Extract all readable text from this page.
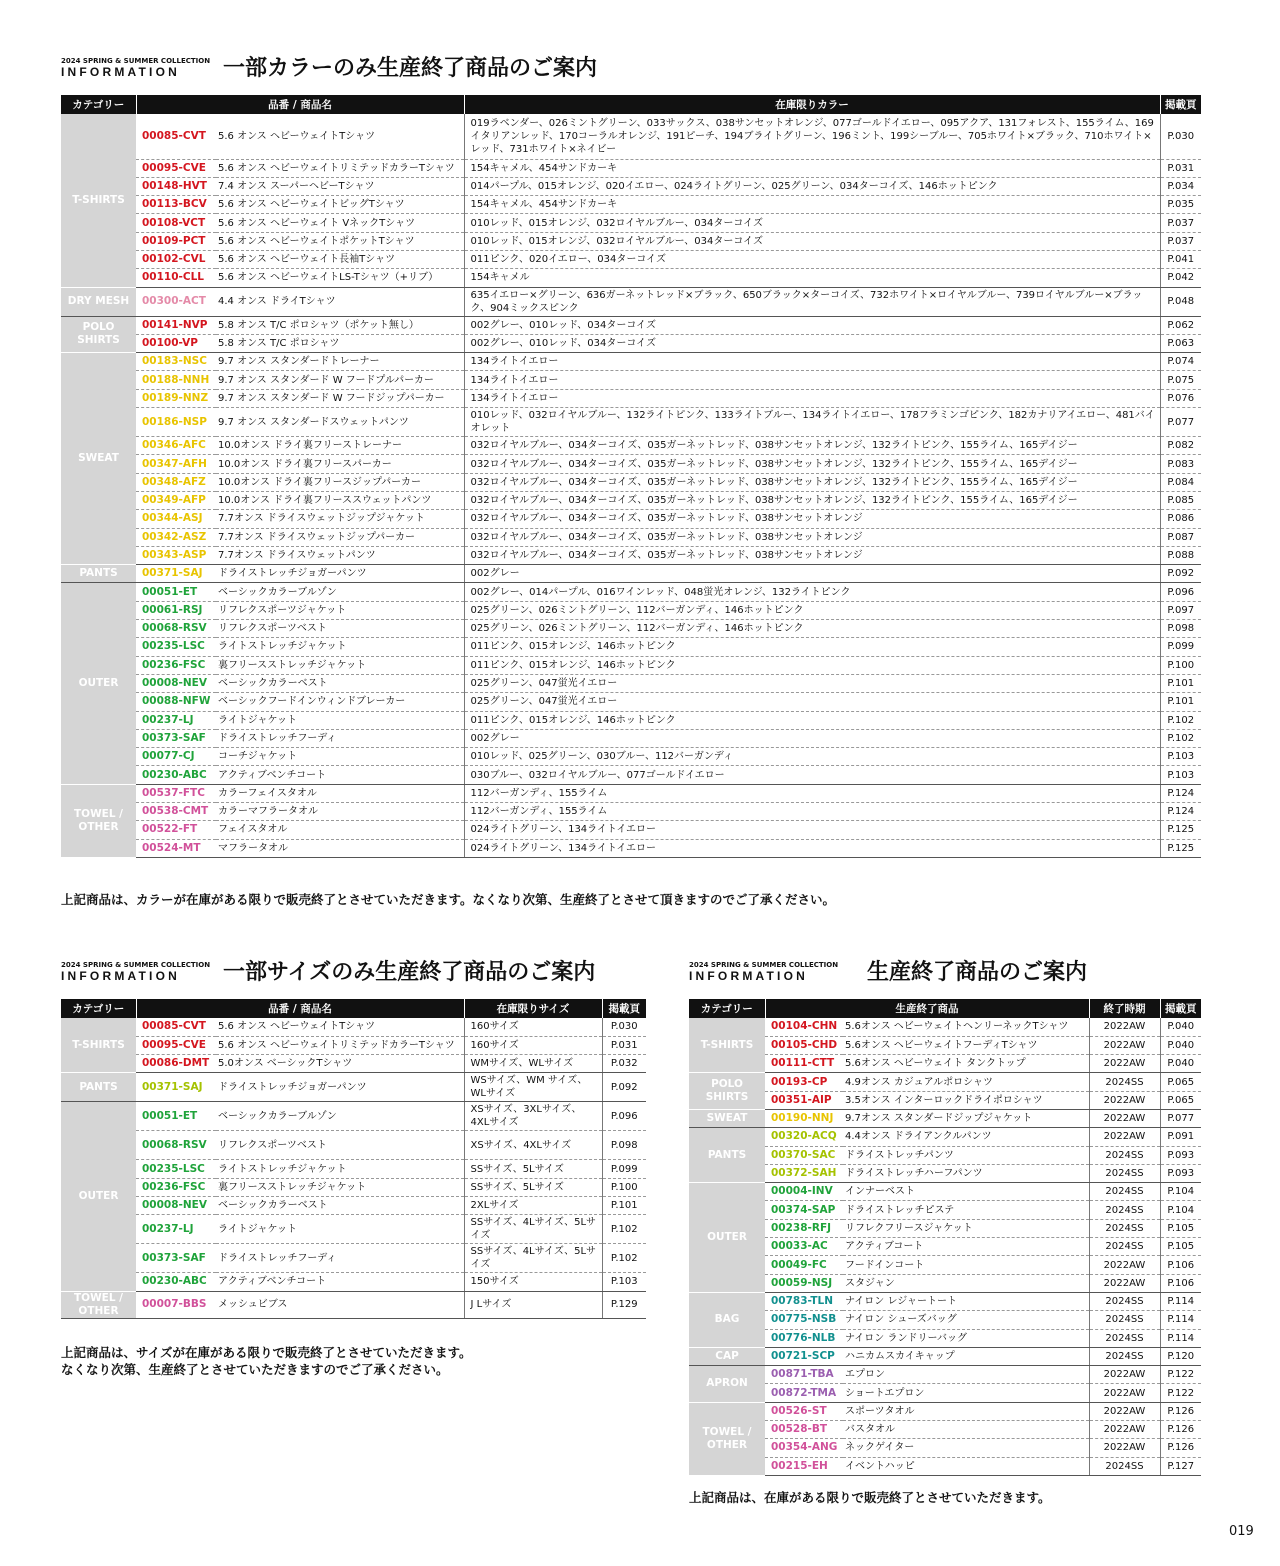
2024 SPRING & SUMMER COLLECTION
INFORMATION	一部カラーのみ生産終了商品のご案内
カテゴリー	品番 / 商品名		在庫限りカラー	掲載頁
T-SHIRTS	00085-CVT	5.6 オンス ヘビーウェイトTシャツ	019ラベンダー、026ミントグリーン、033サックス、038サンセットオレンジ、077ゴールドイエロー、095アクア、131フォレスト、155ライム、169イタリアンレッド、170コーラルオレンジ、191ピーチ、194ブライトグリーン、196ミント、199シーブルー、705ホワイト×ブラック、710ホワイト×レッド、731ホワイト×ネイビー	P.030
	00095-CVE	5.6 オンス ヘビーウェイトリミテッドカラーTシャツ	154キャメル、454サンドカーキ	P.031
	00148-HVT	7.4 オンス スーパーヘビーTシャツ	014パープル、015オレンジ、020イエロー、024ライトグリーン、025グリーン、034ターコイズ、146ホットピンク	P.034
	00113-BCV	5.6 オンス ヘビーウェイトビッグTシャツ	154キャメル、454サンドカーキ	P.035
	00108-VCT	5.6 オンス ヘビーウェイト VネックTシャツ	010レッド、015オレンジ、032ロイヤルブルー、034ターコイズ	P.037
	00109-PCT	5.6 オンス ヘビーウェイトポケットTシャツ	010レッド、015オレンジ、032ロイヤルブルー、034ターコイズ	P.037
	00102-CVL	5.6 オンス ヘビーウェイト長袖Tシャツ	011ピンク、020イエロー、034ターコイズ	P.041
	00110-CLL	5.6 オンス ヘビーウェイトLS-Tシャツ（+リブ）	154キャメル	P.042
DRY MESH	00300-ACT	4.4 オンス ドライTシャツ	635イエロー×グリーン、636ガーネットレッド×ブラック、650ブラック×ターコイズ、732ホワイト×ロイヤルブルー、739ロイヤルブルー×ブラック、904ミックスピンク	P.048
POLO SHIRTS	00141-NVP	5.8 オンス T/C ポロシャツ（ポケット無し）	002グレー、010レッド、034ターコイズ	P.062
	00100-VP	5.8 オンス T/C ポロシャツ	002グレー、010レッド、034ターコイズ	P.063
SWEAT	00183-NSC	9.7 オンス スタンダードトレーナー	134ライトイエロー	P.074
	00188-NNH	9.7 オンス スタンダード W フードプルパーカー	134ライトイエロー	P.075
	00189-NNZ	9.7 オンス スタンダード W フードジップパーカー	134ライトイエロー	P.076
	00186-NSP	9.7 オンス スタンダードスウェットパンツ	010レッド、032ロイヤルブルー、132ライトピンク、133ライトブルー、134ライトイエロー、178フラミンゴピンク、182カナリアイエロー、481バイオレット	P.077
	00346-AFC	10.0オンス ドライ裏フリーストレーナー	032ロイヤルブルー、034ターコイズ、035ガーネットレッド、038サンセットオレンジ、132ライトピンク、155ライム、165デイジー	P.082
	00347-AFH	10.0オンス ドライ裏フリースパーカー	032ロイヤルブルー、034ターコイズ、035ガーネットレッド、038サンセットオレンジ、132ライトピンク、155ライム、165デイジー	P.083
	00348-AFZ	10.0オンス ドライ裏フリースジップパーカー	032ロイヤルブルー、034ターコイズ、035ガーネットレッド、038サンセットオレンジ、132ライトピンク、155ライム、165デイジー	P.084
	00349-AFP	10.0オンス ドライ裏フリーススウェットパンツ	032ロイヤルブルー、034ターコイズ、035ガーネットレッド、038サンセットオレンジ、132ライトピンク、155ライム、165デイジー	P.085
	00344-ASJ	7.7オンス ドライスウェットジップジャケット	032ロイヤルブルー、034ターコイズ、035ガーネットレッド、038サンセットオレンジ	P.086
	00342-ASZ	7.7オンス ドライスウェットジップパーカー	032ロイヤルブルー、034ターコイズ、035ガーネットレッド、038サンセットオレンジ	P.087
	00343-ASP	7.7オンス ドライスウェットパンツ	032ロイヤルブルー、034ターコイズ、035ガーネットレッド、038サンセットオレンジ	P.088
PANTS	00371-SAJ	ドライストレッチジョガーパンツ	002グレー	P.092
OUTER	00051-ET	ベーシックカラーブルゾン	002グレー、014パープル、016ワインレッド、048蛍光オレンジ、132ライトピンク	P.096
	00061-RSJ	リフレクスポーツジャケット	025グリーン、026ミントグリーン、112バーガンディ、146ホットピンク	P.097
	00068-RSV	リフレクスポーツベスト	025グリーン、026ミントグリーン、112バーガンディ、146ホットピンク	P.098
	00235-LSC	ライトストレッチジャケット	011ピンク、015オレンジ、146ホットピンク	P.099
	00236-FSC	裏フリースストレッチジャケット	011ピンク、015オレンジ、146ホットピンク	P.100
	00008-NEV	ベーシックカラーベスト	025グリーン、047蛍光イエロー	P.101
	00088-NFW	ベーシックフードインウィンドブレーカー	025グリーン、047蛍光イエロー	P.101
	00237-LJ	ライトジャケット	011ピンク、015オレンジ、146ホットピンク	P.102
	00373-SAF	ドライストレッチフーディ	002グレー	P.102
	00077-CJ	コーチジャケット	010レッド、025グリーン、030ブルー、112バーガンディ	P.103
	00230-ABC	アクティブベンチコート	030ブルー、032ロイヤルブルー、077ゴールドイエロー	P.103
TOWEL / OTHER	00537-FTC	カラーフェイスタオル	112バーガンディ、155ライム	P.124
	00538-CMT	カラーマフラータオル	112バーガンディ、155ライム	P.124
	00522-FT	フェイスタオル	024ライトグリーン、134ライトイエロー	P.125
	00524-MT	マフラータオル	024ライトグリーン、134ライトイエロー	P.125
上記商品は、カラーが在庫がある限りで販売終了とさせていただきます。なくなり次第、生産終了とさせて頂きますのでご了承ください。
2024 SPRING & SUMMER COLLECTION
INFORMATION	一部サイズのみ生産終了商品のご案内
カテゴリー	品番 / 商品名		在庫限りサイズ	掲載頁
T-SHIRTS	00085-CVT	5.6 オンス ヘビーウェイトTシャツ	160サイズ	P.030
	00095-CVE	5.6 オンス ヘビーウェイトリミテッドカラーTシャツ	160サイズ	P.031
	00086-DMT	5.0オンス ベーシックTシャツ	WMサイズ、WLサイズ	P.032
PANTS	00371-SAJ	ドライストレッチジョガーパンツ	WSサイズ、WM サイズ、WLサイズ	P.092
OUTER	00051-ET	ベーシックカラーブルゾン	XSサイズ、3XLサイズ、4XLサイズ	P.096
	00068-RSV	リフレクスポーツベスト	XSサイズ、4XLサイズ	P.098
	00235-LSC	ライトストレッチジャケット	SSサイズ、5Lサイズ	P.099
	00236-FSC	裏フリースストレッチジャケット	SSサイズ、5Lサイズ	P.100
	00008-NEV	ベーシックカラーベスト	2XLサイズ	P.101
	00237-LJ	ライトジャケット	SSサイズ、4Lサイズ、5Lサイズ	P.102
	00373-SAF	ドライストレッチフーディ	SSサイズ、4Lサイズ、5Lサイズ	P.102
	00230-ABC	アクティブベンチコート	150サイズ	P.103
TOWEL / OTHER	00007-BBS	メッシュビブス	J Lサイズ	P.129
上記商品は、サイズが在庫がある限りで販売終了とさせていただきます。
なくなり次第、生産終了とさせていただきますのでご了承ください。
2024 SPRING & SUMMER COLLECTION
INFORMATION	生産終了商品のご案内
カテゴリー	生産終了商品		終了時期	掲載頁
T-SHIRTS	00104-CHN	5.6オンス ヘビーウェイトヘンリーネックTシャツ	2022AW	P.040
	00105-CHD	5.6オンス ヘビーウェイトフーディTシャツ	2022AW	P.040
	00111-CTT	5.6オンス ヘビーウェイト タンクトップ	2022AW	P.040
POLO SHIRTS	00193-CP	4.9オンス カジュアルポロシャツ	2024SS	P.065
	00351-AIP	3.5オンス インターロックドライポロシャツ	2022AW	P.065
SWEAT	00190-NNJ	9.7オンス スタンダードジップジャケット	2022AW	P.077
PANTS	00320-ACQ	4.4オンス ドライアンクルパンツ	2022AW	P.091
	00370-SAC	ドライストレッチパンツ	2024SS	P.093
	00372-SAH	ドライストレッチハーフパンツ	2024SS	P.093
OUTER	00004-INV	インナーベスト	2024SS	P.104
	00374-SAP	ドライストレッチピステ	2024SS	P.104
	00238-RFJ	リフレクフリースジャケット	2024SS	P.105
	00033-AC	アクティブコート	2024SS	P.105
	00049-FC	フードインコート	2022AW	P.106
	00059-NSJ	スタジャン	2022AW	P.106
BAG	00783-TLN	ナイロン レジャートート	2024SS	P.114
	00775-NSB	ナイロン シューズバッグ	2024SS	P.114
	00776-NLB	ナイロン ランドリーバッグ	2024SS	P.114
CAP	00721-SCP	ハニカムスカイキャップ	2024SS	P.120
APRON	00871-TBA	エプロン	2022AW	P.122
	00872-TMA	ショートエプロン	2022AW	P.122
TOWEL / OTHER	00526-ST	スポーツタオル	2022AW	P.126
	00528-BT	バスタオル	2022AW	P.126
	00354-ANG	ネックゲイター	2022AW	P.126
	00215-EH	イベントハッピ	2024SS	P.127
上記商品は、在庫がある限りで販売終了とさせていただきます。
019
